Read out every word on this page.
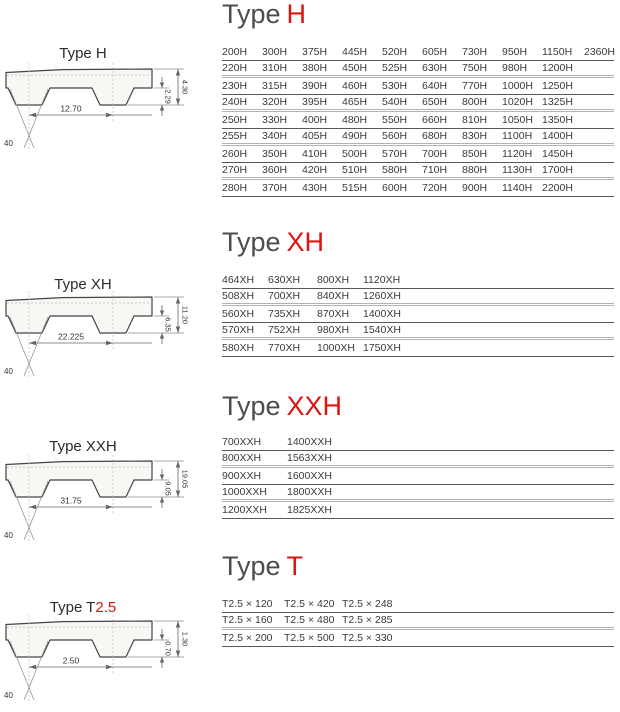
Type H
Type H
12.70
40
2.29
4.30
200H	300H	375H	445H	520H	605H	730H	950H	1150H	2360H
220H	310H	380H	450H	525H	630H	750H	980H	1200H
230H	315H	390H	460H	530H	640H	770H	1000H 1250H
240H	320H	395H	465H	540H	650H	800H	1020H 1325H
250H	330H	400H	480H	550H	660H	810H	1050H 1350H
255H	340H	405H	490H	560H	680H	830H	1100H 1400H
260H	350H	410H	500H	570H	700H	850H	1120H 1450H
270H	360H	420H	510H	580H	710H	880H	1130H 1700H
280H	370H	430H	515H	600H	720H	900H	1140H 2200H
Type XH
Type XH
22.225
40
6.35
11.20
464XH	630XH	800XH	1120XH
508XH	700XH	840XH	1260XH
560XH	735XH	870XH	1400XH
570XH	752XH	980XH	1540XH
580XH	770XH	1000XH 1750XH
Type XXH
Type XXH
31.75
40
9.05
19.05
700XXH	1400XXH
800XXH	1563XXH
900XXH	1600XXH
1000XXH	1800XXH
1200XXH	1825XXH
Type T
Type T2.5
2.50
40
0.70
1.30
T2.5 × 120	T2.5 × 420 T2.5 × 248
T2.5 × 160	T2.5 × 480 T2.5 × 285
T2.5 × 200	T2.5 × 500 T2.5 × 330
